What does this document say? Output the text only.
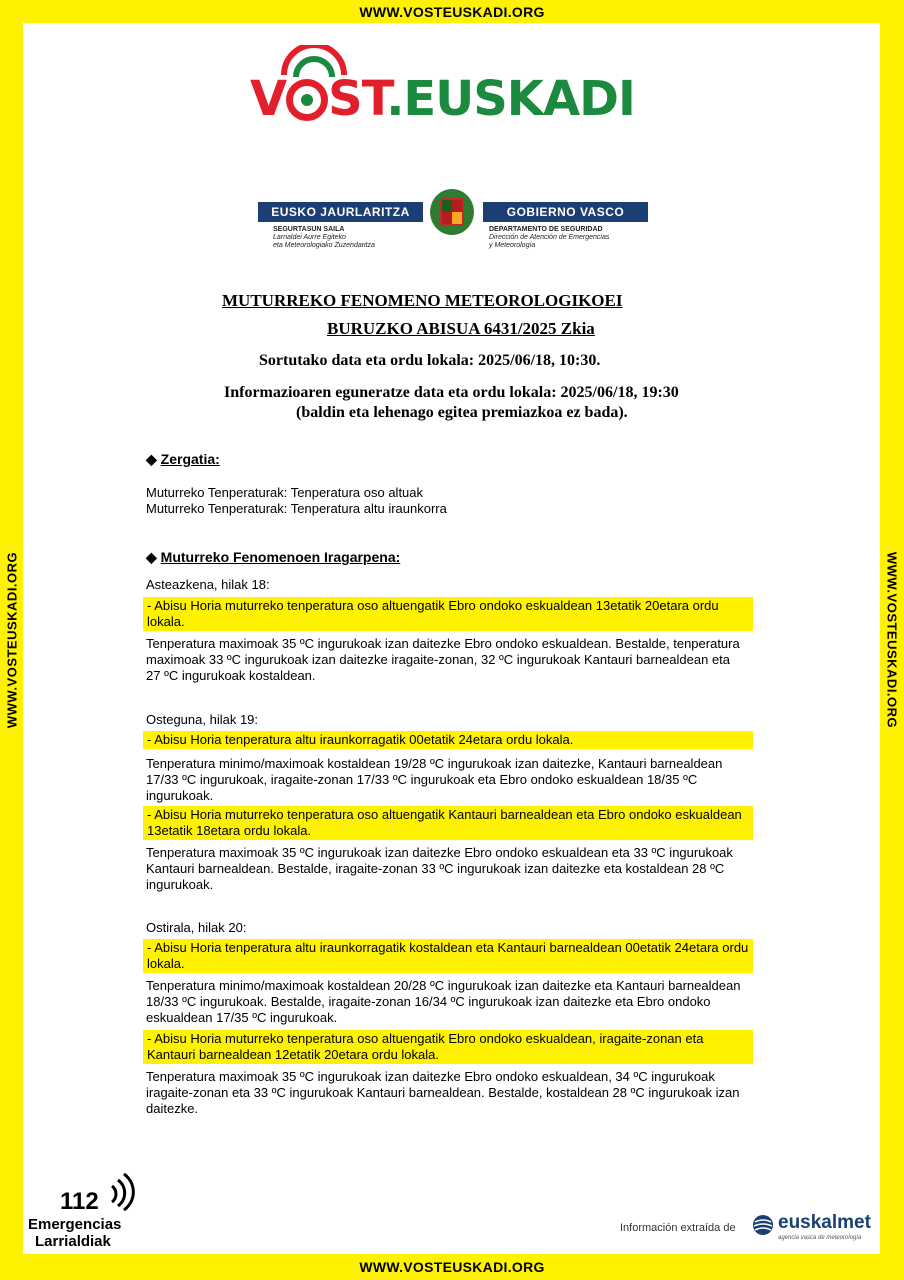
WWW.VOSTEUSKADI.ORG
WWW.VOSTEUSKADI.ORG
WWW.VOSTEUSKADI.ORG	WWW.VOSTEUSKADI.ORG
V ST.EUSKADI
EUSKO JAURLARITZA	GOBIERNO VASCO
SEGURTASUN SAILA
Larrialdei Aurre Egiteko
eta Meteorologiako Zuzendaritza
DEPARTAMENTO DE SEGURIDAD
Dirección de Atención de Emergencias
y Meteorología
MUTURREKO FENOMENO METEOROLOGIKOEI
BURUZKO ABISUA 6431/2025 Zkia
Sortutako data eta ordu lokala: 2025/06/18, 10:30.
Informazioaren eguneratze data eta ordu lokala: 2025/06/18, 19:30
(baldin eta lehenago egitea premiazkoa ez bada).
◆ Zergatia:
Muturreko Tenperaturak: Tenperatura oso altuak
Muturreko Tenperaturak: Tenperatura altu iraunkorra
◆ Muturreko Fenomenoen Iragarpena:
Asteazkena, hilak 18:
- Abisu Horia muturreko tenperatura oso altuengatik Ebro ondoko eskualdean 13etatik 20etara ordu lokala.
Tenperatura maximoak 35 ºC ingurukoak izan daitezke Ebro ondoko eskualdean. Bestalde, tenperatura maximoak 33 ºC ingurukoak izan daitezke iragaite-zonan, 32 ºC ingurukoak Kantauri barnealdean eta 27 ºC ingurukoak kostaldean.
Osteguna, hilak 19:
- Abisu Horia tenperatura altu iraunkorragatik 00etatik 24etara ordu lokala.
Tenperatura minimo/maximoak kostaldean 19/28 ºC ingurukoak izan daitezke, Kantauri barnealdean 17/33 ºC ingurukoak, iragaite-zonan 17/33 ºC ingurukoak eta Ebro ondoko eskualdean 18/35 ºC ingurukoak.
- Abisu Horia muturreko tenperatura oso altuengatik Kantauri barnealdean eta Ebro ondoko eskualdean 13etatik 18etara ordu lokala.
Tenperatura maximoak 35 ºC ingurukoak izan daitezke Ebro ondoko eskualdean eta 33 ºC ingurukoak Kantauri barnealdean. Bestalde, iragaite-zonan 33 ºC ingurukoak izan daitezke eta kostaldean 28 ºC ingurukoak.
Ostirala, hilak 20:
- Abisu Horia tenperatura altu iraunkorragatik kostaldean eta Kantauri barnealdean 00etatik 24etara ordu lokala.
Tenperatura minimo/maximoak kostaldean 20/28 ºC ingurukoak izan daitezke eta Kantauri barnealdean 18/33 ºC ingurukoak. Bestalde, iragaite-zonan 16/34 ºC ingurukoak izan daitezke eta Ebro ondoko eskualdean 17/35 ºC ingurukoak.
- Abisu Horia muturreko tenperatura oso altuengatik Ebro ondoko eskualdean, iragaite-zonan eta Kantauri barnealdean 12etatik 20etara ordu lokala.
Tenperatura maximoak 35 ºC ingurukoak izan daitezke Ebro ondoko eskualdean, 34 ºC ingurukoak iragaite-zonan eta 33 ºC ingurukoak Kantauri barnealdean. Bestalde, kostaldean 28 ºC ingurukoak izan daitezke.
112
Emergencias
Larrialdiak
Información extraída de euskalmet
agencia vasca de meteorología
